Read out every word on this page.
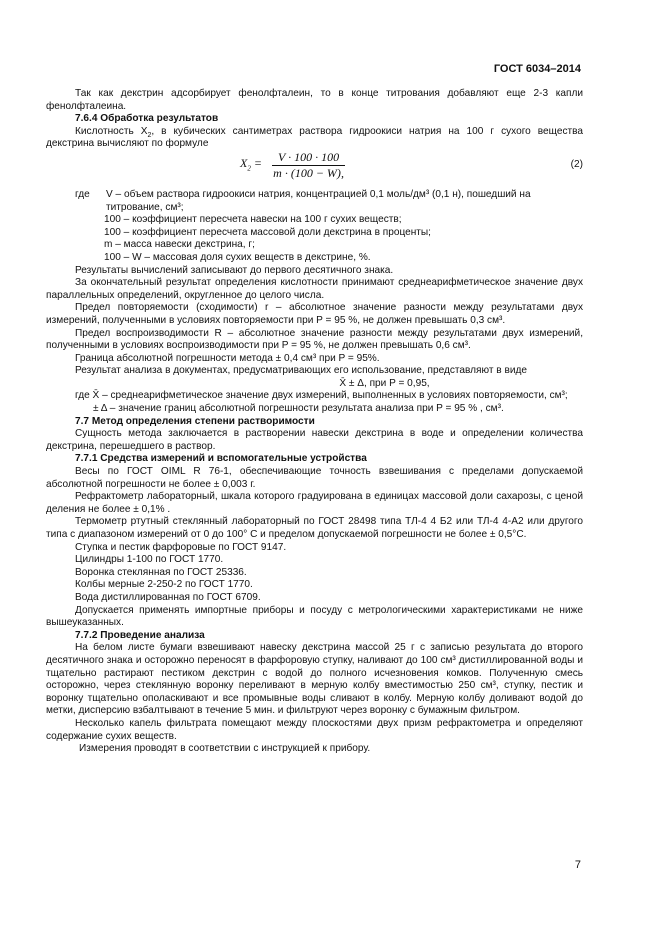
ГОСТ 6034–2014

Так как декстрин адсорбирует фенолфталеин, то в конце титрования добавляют еще 2-3 капли фенолфталеина.

7.6.4 Обработка результатов

Кислотность $X_2$, в кубических сантиметрах раствора гидроокиси натрия на 100 г сухого вещества декстрина вычисляют по формуле

$X_2 = \frac{V \cdot 100 \cdot 100}{m \cdot (100 - W),}$	(2)
где	V – объем раствора гидроокиси натрия, концентрацией 0,1 моль/дм³ (0,1 н), пошедший на титрование, см³;

100 – коэффициент пересчета навески на 100 г сухих веществ;

100 – коэффициент пересчета массовой доли декстрина в проценты;

m – масса навески декстрина, г;

100 – W – массовая доля сухих веществ в декстрине, %.

Результаты вычислений записывают до первого десятичного знака.

За окончательный результат определения кислотности принимают среднеарифметическое значение двух параллельных определений, округленное до целого числа.

Предел повторяемости (сходимости) r – абсолютное значение разности между результатами двух измерений, полученными в условиях повторяемости при P = 95 %, не должен превышать 0,3 см³.

Предел воспроизводимости R – абсолютное значение разности между результатами двух измерений, полученными в условиях воспроизводимости при P = 95 %, не должен превышать 0,6 см³.

Граница абсолютной погрешности метода ± 0,4 см³ при P = 95%.

Результат анализа в документах, предусматривающих его использование, представляют в виде

X̄ ± Δ, при P = 0,95,

где X̄ – среднеарифметическое значение двух измерений, выполненных в условиях повторяемости, см³;

± Δ – значение границ абсолютной погрешности результата анализа при P = 95 % , см³.

7.7 Метод определения степени растворимости

Сущность метода заключается в растворении навески декстрина в воде и определении количества декстрина, перешедшего в раствор.

7.7.1 Средства измерений и вспомогательные устройства

Весы по ГОСТ OIML R 76-1, обеспечивающие точность взвешивания с пределами допускаемой абсолютной погрешности не более ± 0,003 г.

Рефрактометр лабораторный, шкала которого градуирована в единицах массовой доли сахарозы, с ценой деления не более ± 0,1% .

Термометр ртутный стеклянный лабораторный по ГОСТ 28498 типа ТЛ-4 4 Б2 или ТЛ-4 4-А2 или другого типа с диапазоном измерений от 0 до 100° С и пределом допускаемой погрешности не более ± 0,5°С.

Ступка и пестик фарфоровые по ГОСТ 9147.

Цилиндры 1-100 по ГОСТ 1770.

Воронка стеклянная по ГОСТ 25336.

Колбы мерные 2-250-2 по ГОСТ 1770.

Вода дистиллированная по ГОСТ 6709.

Допускается применять импортные приборы и посуду с метрологическими характеристиками не ниже вышеуказанных.

7.7.2 Проведение анализа

На белом листе бумаги взвешивают навеску декстрина массой 25 г с записью результата до второго десятичного знака и осторожно переносят в фарфоровую ступку, наливают до 100 см³ дистиллированной воды и тщательно растирают пестиком декстрин с водой до полного исчезновения комков. Полученную смесь осторожно, через стеклянную воронку переливают в мерную колбу вместимостью 250 см³, ступку, пестик и воронку тщательно ополаскивают и все промывные воды сливают в колбу. Мерную колбу доливают водой до метки, дисперсию взбалтывают в течение 5 мин. и фильтруют через воронку с бумажным фильтром.

Несколько капель фильтрата помещают между плоскостями двух призм рефрактометра и определяют содержание сухих веществ.

Измерения проводят в соответствии с инструкцией к прибору.

7
